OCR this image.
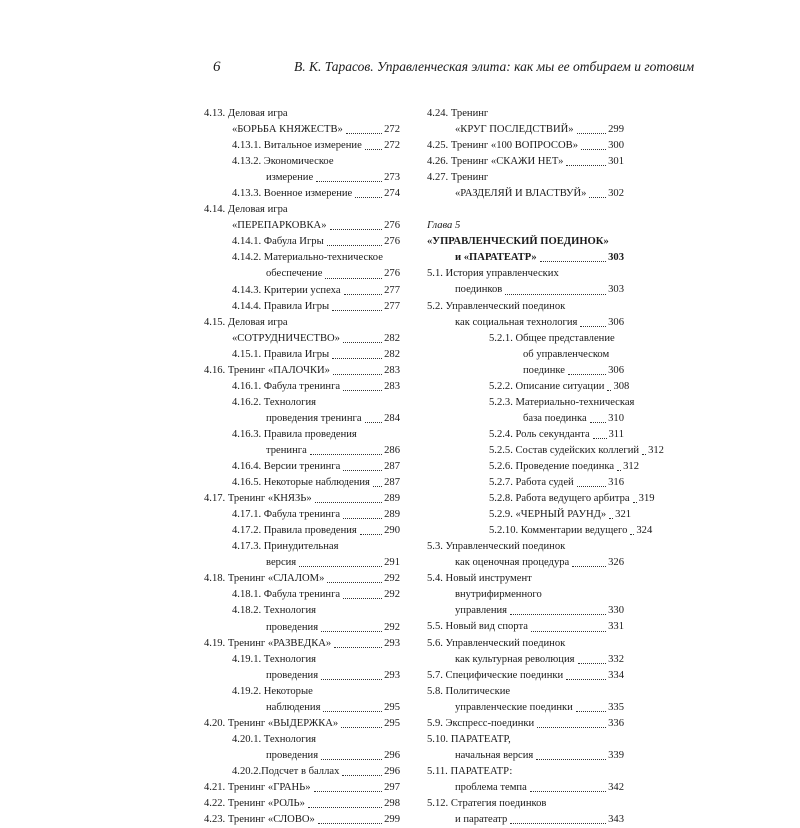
6	В. К. Тарасов. Управленческая элита: как мы ее отбираем и готовим
4.13. Деловая игра
«БОРЬБА КНЯЖЕСТВ»	272
4.13.1. Витальное измерение 272
4.13.2. Экономическое
измерение	273
4.13.3. Военное измерение	274
4.14. Деловая игра
«ПЕРЕПАРКОВКА»	276
4.14.1. Фабула Игры	276
4.14.2. Материально-техническое
обеспечение	276
4.14.3. Критерии успеха	277
4.14.4. Правила Игры	277
4.15. Деловая игра
«СОТРУДНИЧЕСТВО»	282
4.15.1. Правила Игры	282
4.16. Тренинг «ПАЛОЧКИ»	283
4.16.1. Фабула тренинга	283
4.16.2. Технология
проведения тренинга 284
4.16.3. Правила проведения
тренинга	286
4.16.4. Версии тренинга	287
4.16.5. Некоторые наблюдения 287
4.17. Тренинг «КНЯЗЬ»	289
4.17.1. Фабула тренинга	289
4.17.2. Правила проведения	290
4.17.3. Принудительная
версия	291
4.18. Тренинг «СЛАЛОМ»	292
4.18.1. Фабула тренинга	292
4.18.2. Технология
проведения	292
4.19. Тренинг «РАЗВЕДКА»	293
4.19.1. Технология
проведения	293
4.19.2. Некоторые
наблюдения	295
4.20. Тренинг «ВЫДЕРЖКА»	295
4.20.1. Технология
проведения	296
4.20.2.Подсчет в баллах	296
4.21. Тренинг «ГРАНЬ»	297
4.22. Тренинг «РОЛЬ»	298
4.23. Тренинг «СЛОВО»	299
4.24. Тренинг
«КРУГ ПОСЛЕДСТВИЙ»	299
4.25. Тренинг «100 ВОПРОСОВ»	300
4.26. Тренинг «СКАЖИ НЕТ»	301
4.27. Тренинг
«РАЗДЕЛЯЙ И ВЛАСТВУЙ» 302
Глава 5
«УПРАВЛЕНЧЕСКИЙ ПОЕДИНОК»
и «ПАРАТЕАТР»	303
5.1. История управленческих
поединков	303
5.2. Управленческий поединок
как социальная технология	306
5.2.1. Общее представление
об управленческом
поединке	306
5.2.2. Описание ситуации 308
5.2.3. Материально-техническая
база поединка 310
5.2.4. Роль секунданта 311
5.2.5. Состав судейских коллегий 312
5.2.6. Проведение поединка 312
5.2.7. Работа судей	316
5.2.8. Работа ведущего арбитра 319
5.2.9. «ЧЕРНЫЙ РАУНД» 321
5.2.10. Комментарии ведущего 324
5.3. Управленческий поединок
как оценочная процедура	326
5.4. Новый инструмент
внутрифирменного
управления	330
5.5. Новый вид спорта	331
5.6. Управленческий поединок
как культурная революция	332
5.7. Специфические поединки	334
5.8. Политические
управленческие поединки	335
5.9. Экспресс-поединки	336
5.10. ПАРАТЕАТР,
начальная версия	339
5.11. ПАРАТЕАТР:
проблема темпа	342
5.12. Стратегия поединков
и паратеатр	343
